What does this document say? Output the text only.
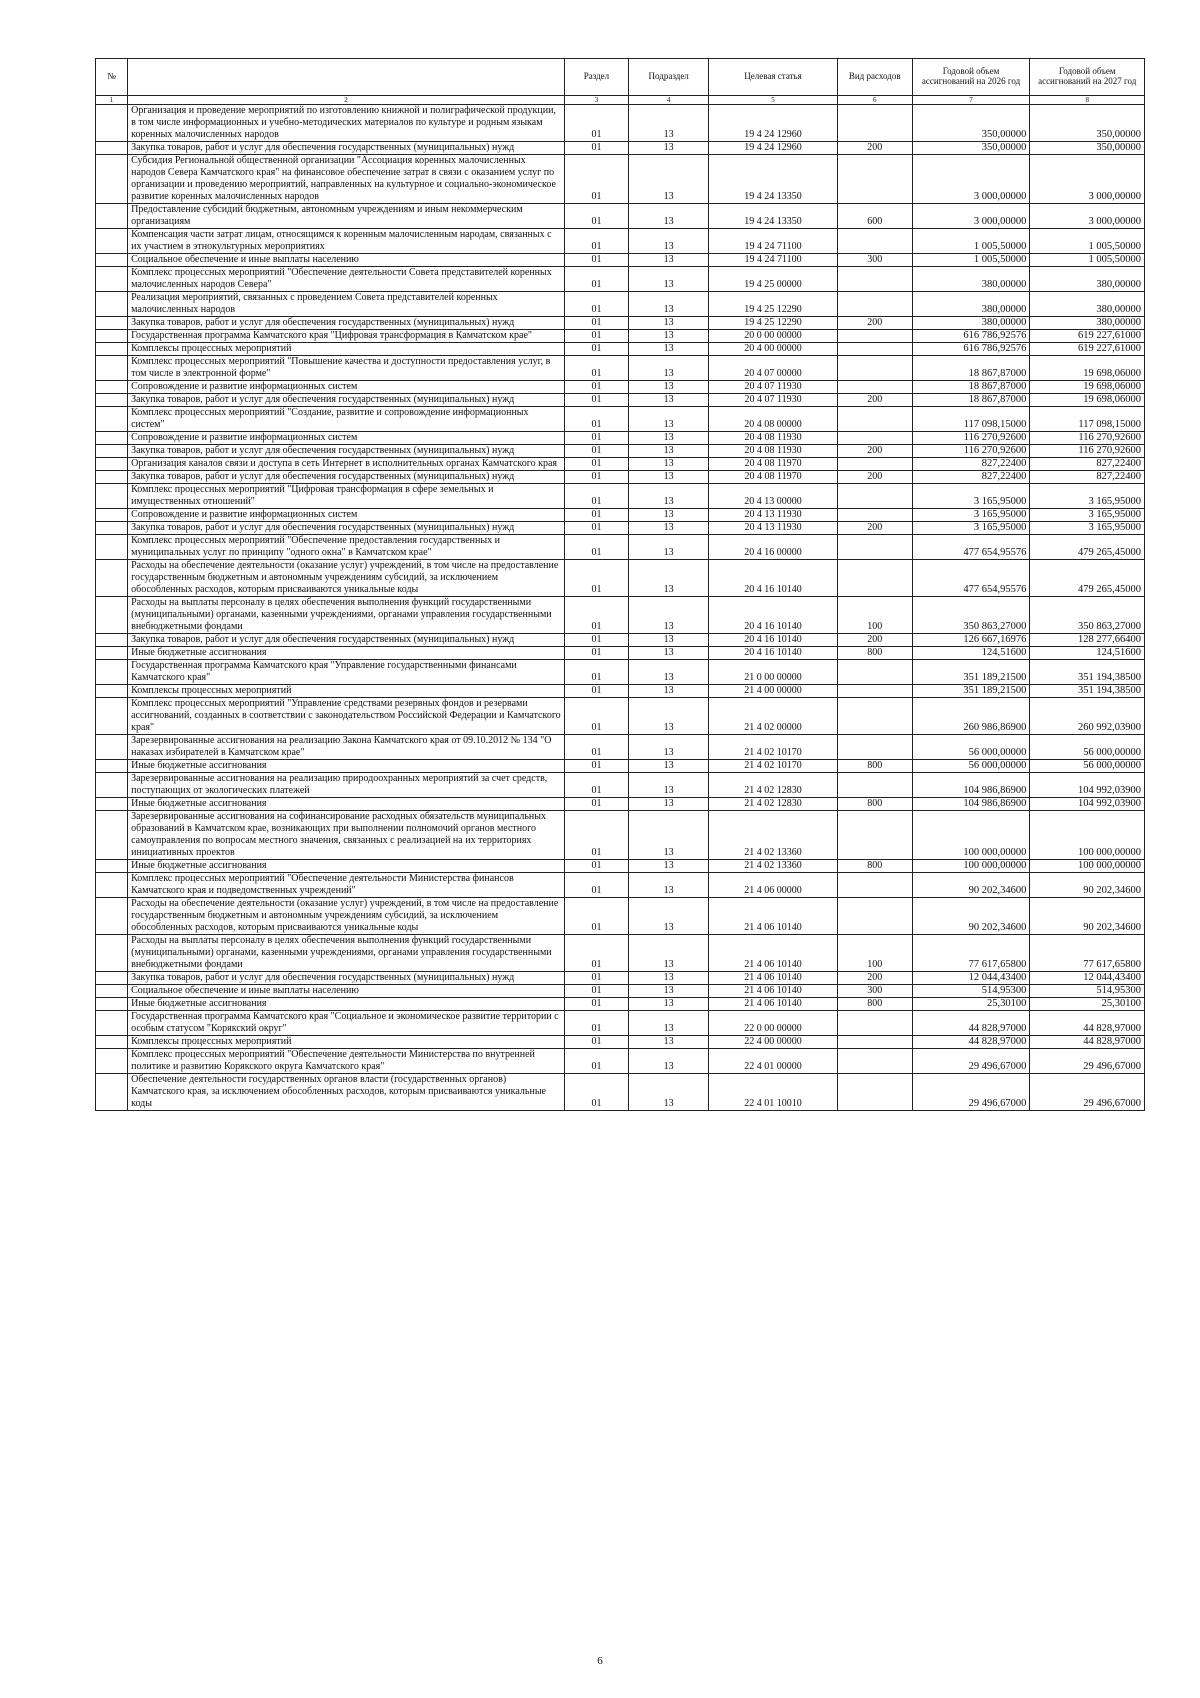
№		Раздел	Подраздел	Целевая статья	Вид расходов	Годовой объем ассигнований на 2026 год	Годовой объем ассигнований на 2027 год
1	2	3	4	5	6	7	8
	Организация и проведение мероприятий по изготовлению книжной и полиграфической продукции, в том числе информационных и учебно-методических материалов по культуре и родным языкам коренных малочисленных народов	01	13	19 4 24 12960		350,00000	350,00000
	Закупка товаров, работ и услуг для обеспечения государственных (муниципальных) нужд	01	13	19 4 24 12960	200	350,00000	350,00000
	Субсидия Региональной общественной организации "Ассоциация коренных малочисленных народов Севера Камчатского края" на финансовое обеспечение затрат в связи с оказанием услуг по организации и проведению мероприятий, направленных на культурное и социально-экономическое развитие коренных малочисленных народов	01	13	19 4 24 13350		3 000,00000	3 000,00000
	Предоставление субсидий бюджетным, автономным учреждениям и иным некоммерческим организациям	01	13	19 4 24 13350	600	3 000,00000	3 000,00000
	Компенсация части затрат лицам, относящимся к коренным малочисленным народам, связанных с их участием в этнокультурных мероприятиях	01	13	19 4 24 71100		1 005,50000	1 005,50000
	Социальное обеспечение и иные выплаты населению	01	13	19 4 24 71100	300	1 005,50000	1 005,50000
	Комплекс процессных мероприятий "Обеспечение деятельности Совета представителей коренных малочисленных народов Севера"	01	13	19 4 25 00000		380,00000	380,00000
	Реализация мероприятий, связанных с проведением Совета представителей коренных малочисленных народов	01	13	19 4 25 12290		380,00000	380,00000
	Закупка товаров, работ и услуг для обеспечения государственных (муниципальных) нужд	01	13	19 4 25 12290	200	380,00000	380,00000
	Государственная программа Камчатского края "Цифровая трансформация в Камчатском крае"	01	13	20 0 00 00000		616 786,92576	619 227,61000
	Комплексы процессных мероприятий	01	13	20 4 00 00000		616 786,92576	619 227,61000
	Комплекс процессных мероприятий "Повышение качества и доступности предоставления услуг, в том числе в электронной форме"	01	13	20 4 07 00000		18 867,87000	19 698,06000
	Сопровождение и развитие информационных систем	01	13	20 4 07 11930		18 867,87000	19 698,06000
	Закупка товаров, работ и услуг для обеспечения государственных (муниципальных) нужд	01	13	20 4 07 11930	200	18 867,87000	19 698,06000
	Комплекс процессных мероприятий "Создание, развитие и сопровождение информационных систем"	01	13	20 4 08 00000		117 098,15000	117 098,15000
	Сопровождение и развитие информационных систем	01	13	20 4 08 11930		116 270,92600	116 270,92600
	Закупка товаров, работ и услуг для обеспечения государственных (муниципальных) нужд	01	13	20 4 08 11930	200	116 270,92600	116 270,92600
	Организация каналов связи и доступа в сеть Интернет в исполнительных органах Камчатского края	01	13	20 4 08 11970		827,22400	827,22400
	Закупка товаров, работ и услуг для обеспечения государственных (муниципальных) нужд	01	13	20 4 08 11970	200	827,22400	827,22400
	Комплекс процессных мероприятий "Цифровая трансформация в сфере земельных и имущественных отношений"	01	13	20 4 13 00000		3 165,95000	3 165,95000
	Сопровождение и развитие информационных систем	01	13	20 4 13 11930		3 165,95000	3 165,95000
	Закупка товаров, работ и услуг для обеспечения государственных (муниципальных) нужд	01	13	20 4 13 11930	200	3 165,95000	3 165,95000
	Комплекс процессных мероприятий "Обеспечение предоставления государственных и муниципальных услуг по принципу "одного окна" в Камчатском крае"	01	13	20 4 16 00000		477 654,95576	479 265,45000
	Расходы на обеспечение деятельности (оказание услуг) учреждений, в том числе на предоставление государственным бюджетным и автономным учреждениям субсидий, за исключением обособленных расходов, которым присваиваются уникальные коды	01	13	20 4 16 10140		477 654,95576	479 265,45000
	Расходы на выплаты персоналу в целях обеспечения выполнения функций государственными (муниципальными) органами, казенными учреждениями, органами управления государственными внебюджетными фондами	01	13	20 4 16 10140	100	350 863,27000	350 863,27000
	Закупка товаров, работ и услуг для обеспечения государственных (муниципальных) нужд	01	13	20 4 16 10140	200	126 667,16976	128 277,66400
	Иные бюджетные ассигнования	01	13	20 4 16 10140	800	124,51600	124,51600
	Государственная программа Камчатского края "Управление государственными финансами Камчатского края"	01	13	21 0 00 00000		351 189,21500	351 194,38500
	Комплексы процессных мероприятий	01	13	21 4 00 00000		351 189,21500	351 194,38500
	Комплекс процессных мероприятий "Управление средствами резервных фондов и резервами ассигнований, созданных в соответствии с законодательством Российской Федерации и Камчатского края"	01	13	21 4 02 00000		260 986,86900	260 992,03900
	Зарезервированные ассигнования на реализацию Закона Камчатского края от 09.10.2012 № 134 "О наказах избирателей в Камчатском крае"	01	13	21 4 02 10170		56 000,00000	56 000,00000
	Иные бюджетные ассигнования	01	13	21 4 02 10170	800	56 000,00000	56 000,00000
	Зарезервированные ассигнования на реализацию природоохранных мероприятий за счет средств, поступающих от экологических платежей	01	13	21 4 02 12830		104 986,86900	104 992,03900
	Иные бюджетные ассигнования	01	13	21 4 02 12830	800	104 986,86900	104 992,03900
	Зарезервированные ассигнования на софинансирование расходных обязательств муниципальных образований в Камчатском крае, возникающих при выполнении полномочий органов местного самоуправления по вопросам местного значения, связанных с реализацией на их территориях инициативных проектов	01	13	21 4 02 13360		100 000,00000	100 000,00000
	Иные бюджетные ассигнования	01	13	21 4 02 13360	800	100 000,00000	100 000,00000
	Комплекс процессных мероприятий "Обеспечение деятельности Министерства финансов Камчатского края и подведомственных учреждений"	01	13	21 4 06 00000		90 202,34600	90 202,34600
	Расходы на обеспечение деятельности (оказание услуг) учреждений, в том числе на предоставление государственным бюджетным и автономным учреждениям субсидий, за исключением обособленных расходов, которым присваиваются уникальные коды	01	13	21 4 06 10140		90 202,34600	90 202,34600
	Расходы на выплаты персоналу в целях обеспечения выполнения функций государственными (муниципальными) органами, казенными учреждениями, органами управления государственными внебюджетными фондами	01	13	21 4 06 10140	100	77 617,65800	77 617,65800
	Закупка товаров, работ и услуг для обеспечения государственных (муниципальных) нужд	01	13	21 4 06 10140	200	12 044,43400	12 044,43400
	Социальное обеспечение и иные выплаты населению	01	13	21 4 06 10140	300	514,95300	514,95300
	Иные бюджетные ассигнования	01	13	21 4 06 10140	800	25,30100	25,30100
	Государственная программа Камчатского края "Социальное и экономическое развитие территории с особым статусом "Корякский округ"	01	13	22 0 00 00000		44 828,97000	44 828,97000
	Комплексы процессных мероприятий	01	13	22 4 00 00000		44 828,97000	44 828,97000
	Комплекс процессных мероприятий "Обеспечение деятельности Министерства по внутренней политике и развитию Корякского округа Камчатского края"	01	13	22 4 01 00000		29 496,67000	29 496,67000
	Обеспечение деятельности государственных органов власти (государственных органов) Камчатского края, за исключением обособленных расходов, которым присваиваются уникальные коды	01	13	22 4 01 10010		29 496,67000	29 496,67000
6
